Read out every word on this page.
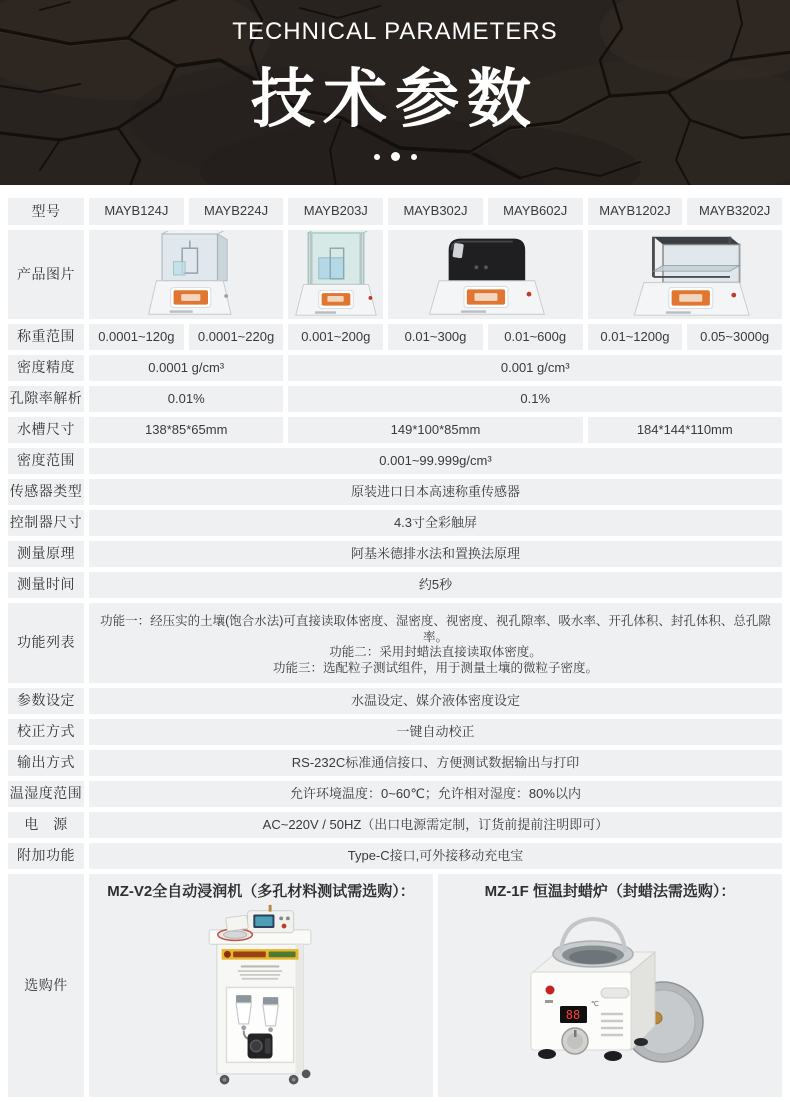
TECHNICAL PARAMETERS
技术参数
型号	MAYB124J	MAYB224J	MAYB203J	MAYB302J	MAYB602J	MAYB1202J	MAYB3202J
产品图片
称重范围	0.0001~120g	0.0001~220g	0.001~200g	0.01~300g	0.01~600g	0.01~1200g	0.05~3000g
密度精度	0.0001 g/cm³	0.001 g/cm³
孔隙率解析	0.01%	0.1%
水槽尺寸	138*85*65mm	149*100*85mm	184*144*110mm
密度范围	0.001~99.999g/cm³
传感器类型	原装进口日本高速称重传感器
控制器尺寸	4.3寸全彩触屏
测量原理	阿基米德排水法和置换法原理
测量时间	约5秒
功能列表
功能一：经压实的土壤(饱合水法)可直接读取体密度、湿密度、视密度、视孔隙率、吸水率、开孔体积、封孔体积、总孔隙率。
功能二：采用封蜡法直接读取体密度。
功能三：选配粒子测试组件，用于测量土壤的微粒子密度。
参数设定	水温设定、媒介液体密度设定
校正方式	一键自动校正
输出方式	RS-232C标准通信接口、方便测试数据输出与打印
温湿度范围	允许环境温度：0~60℃；允许相对湿度：80%以内
电　源	AC~220V / 50HZ（出口电源需定制，订货前提前注明即可）
附加功能	Type-C接口,可外接移动充电宝
选购件
MZ-V2全自动浸润机（多孔材料测试需选购）：	MZ-1F 恒温封蜡炉（封蜡法需选购）：
88
℃
